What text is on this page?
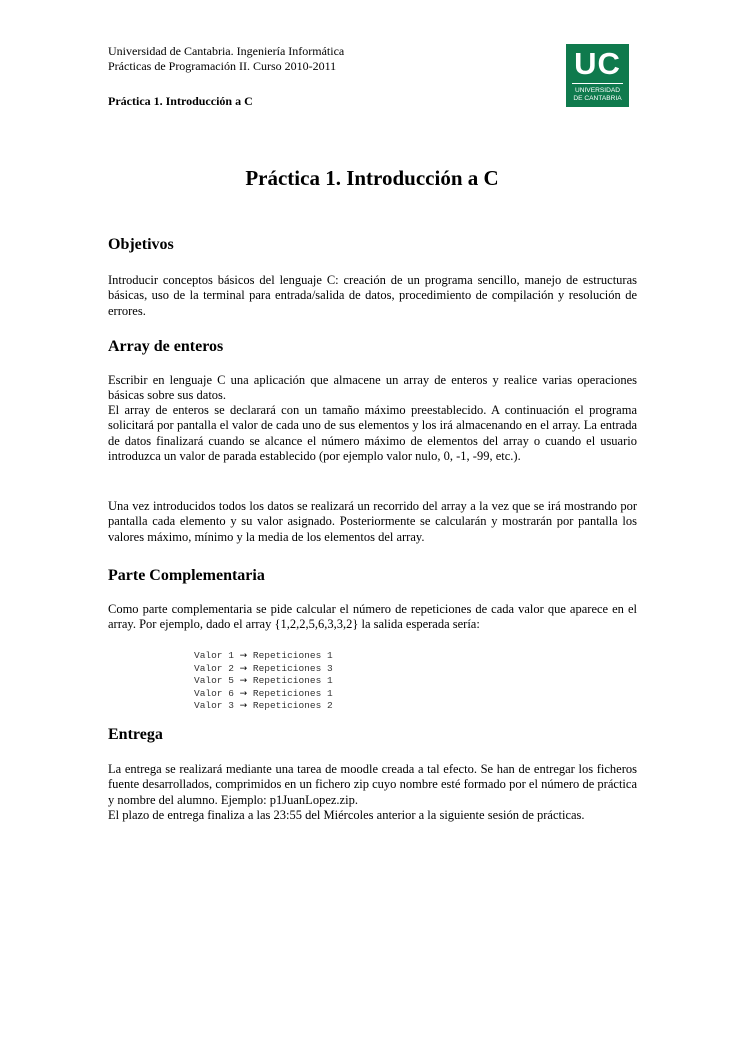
Universidad de Cantabria. Ingeniería Informática
Prácticas de Programación II. Curso 2010-2011
Práctica 1. Introducción a C
UC
UNIVERSIDAD
DE CANTABRIA
Práctica 1. Introducción a C
Objetivos

Introducir conceptos básicos del lenguaje C: creación de un programa sencillo, manejo de estructuras básicas, uso de la terminal para entrada/salida de datos, procedimiento de compilación y resolución de errores.

Array de enteros

Escribir en lenguaje C una aplicación que almacene un array de enteros y realice varias operaciones básicas sobre sus datos.

El array de enteros se declarará con un tamaño máximo preestablecido. A continuación el programa solicitará por pantalla el valor de cada uno de sus elementos y los irá almacenando en el array. La entrada de datos finalizará cuando se alcance el número máximo de elementos del array o cuando el usuario introduzca un valor de parada establecido (por ejemplo valor nulo, 0, -1, -99, etc.).

Una vez introducidos todos los datos se realizará un recorrido del array a la vez que se irá mostrando por pantalla cada elemento y su valor asignado. Posteriormente se calcularán y mostrarán por pantalla los valores máximo, mínimo y la media de los elementos del array.

Parte Complementaria

Como parte complementaria se pide calcular el número de repeticiones de cada valor que aparece en el array. Por ejemplo, dado el array {1,2,2,5,6,3,3,2} la salida esperada sería:

Valor 1 → Repeticiones 1
Valor 2 → Repeticiones 3
Valor 5 → Repeticiones 1
Valor 6 → Repeticiones 1
Valor 3 → Repeticiones 2
Entrega

La entrega se realizará mediante una tarea de moodle creada a tal efecto. Se han de entregar los ficheros fuente desarrollados, comprimidos en un fichero zip cuyo nombre esté formado por el número de práctica y nombre del alumno. Ejemplo: p1JuanLopez.zip.

El plazo de entrega finaliza a las 23:55 del Miércoles anterior a la siguiente sesión de prácticas.
